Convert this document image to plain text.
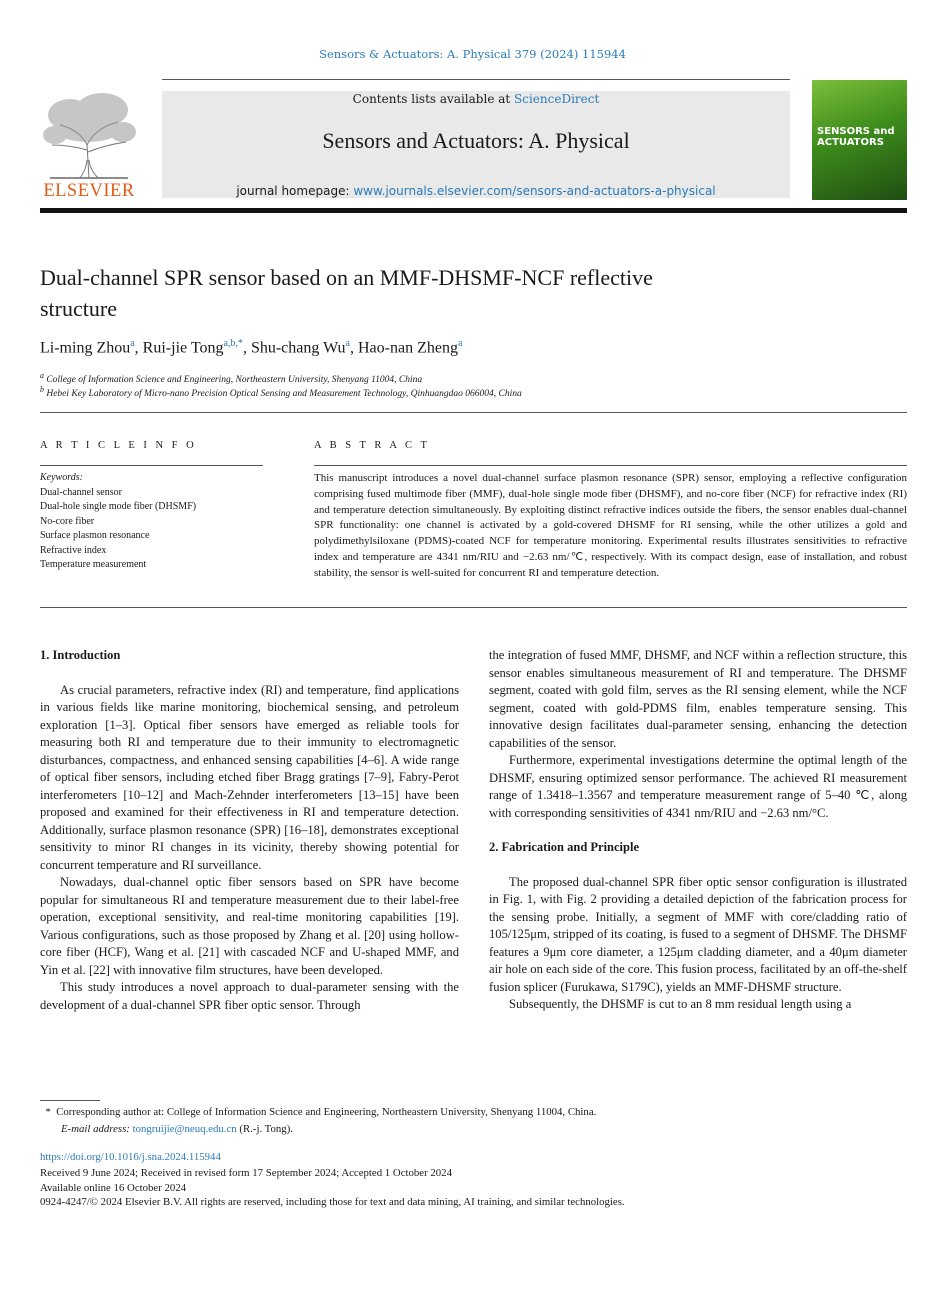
Sensors & Actuators: A. Physical 379 (2024) 115944
Contents lists available at ScienceDirect
Sensors and Actuators: A. Physical
journal homepage: www.journals.elsevier.com/sensors-and-actuators-a-physical
ELSEVIER
SENSORS and ACTUATORS
Dual-channel SPR sensor based on an MMF-DHSMF-NCF reflective structure
Li-ming Zhou$^a$, Rui-jie Tong$^{a,b,*}$, Shu-chang Wu$^a$, Hao-nan Zheng$^a$
$^a$ College of Information Science and Engineering, Northeastern University, Shenyang 11004, China
$^b$ Hebei Key Laboratory of Micro-nano Precision Optical Sensing and Measurement Technology, Qinhuangdao 066004, China
A R T I C L E I N F O	A B S T R A C T
Keywords:
Dual-channel sensor
Dual-hole single mode fiber (DHSMF)
No-core fiber
Surface plasmon resonance
Refractive index
Temperature measurement
This manuscript introduces a novel dual-channel surface plasmon resonance (SPR) sensor, employing a reflective configuration comprising fused multimode fiber (MMF), dual-hole single mode fiber (DHSMF), and no-core fiber (NCF) for refractive index (RI) and temperature detection simultaneously. By exploiting distinct refractive indices outside the fibers, the sensor enables dual-channel SPR functionality: one channel is activated by a gold-covered DHSMF for RI sensing, while the other utilizes a gold and polydimethylsiloxane (PDMS)-coated NCF for temperature monitoring. Experimental results illustrates sensitivities to refractive index and temperature are 4341 nm/RIU and −2.63 nm/℃, respectively. With its compact design, ease of installation, and robust stability, the sensor is well-suited for concurrent RI and temperature detection.
1. Introduction

As crucial parameters, refractive index (RI) and temperature, find applications in various fields like marine monitoring, biochemical sensing, and petroleum exploration [1–3]. Optical fiber sensors have emerged as reliable tools for measuring both RI and temperature due to their immunity to electromagnetic disturbances, compactness, and enhanced sensing capabilities [4–6]. A wide range of optical fiber sensors, including etched fiber Bragg gratings [7–9], Fabry-Perot interferometers [10–12] and Mach-Zehnder interferometers [13–15] have been proposed and examined for their effectiveness in RI and temperature detection. Additionally, surface plasmon resonance (SPR) [16–18], demonstrates exceptional sensitivity to minor RI changes in its vicinity, thereby showing potential for concurrent temperature and RI surveillance.

Nowadays, dual-channel optic fiber sensors based on SPR have become popular for simultaneous RI and temperature measurement due to their label-free operation, exceptional sensitivity, and real-time monitoring capabilities [19]. Various configurations, such as those proposed by Zhang et al. [20] using hollow-core fiber (HCF), Wang et al. [21] with cascaded NCF and U-shaped MMF, and Yin et al. [22] with innovative film structures, have been developed.

This study introduces a novel approach to dual-parameter sensing with the development of a dual-channel SPR fiber optic sensor. Through

the integration of fused MMF, DHSMF, and NCF within a reflection structure, this sensor enables simultaneous measurement of RI and temperature. The DHSMF segment, coated with gold film, serves as the RI sensing element, while the NCF segment, coated with gold-PDMS film, enables temperature sensing. This innovative design facilitates dual-parameter sensing, enhancing the detection capabilities of the sensor.

Furthermore, experimental investigations determine the optimal length of the DHSMF, ensuring optimized sensor performance. The achieved RI measurement range of 1.3418–1.3567 and temperature measurement range of 5–40 ℃, along with corresponding sensitivities of 4341 nm/RIU and −2.63 nm/°C.

2. Fabrication and Principle

The proposed dual-channel SPR fiber optic sensor configuration is illustrated in Fig. 1, with Fig. 2 providing a detailed depiction of the fabrication process for the sensing probe. Initially, a segment of MMF with core/cladding ratio of 105/125μm, stripped of its coating, is fused to a segment of DHSMF. The DHSMF features a 9μm core diameter, a 125μm cladding diameter, and a 40μm diameter air hole on each side of the core. This fusion process, facilitated by an off-the-shelf fusion splicer (Furukawa, S179C), yields an MMF-DHSMF structure.

Subsequently, the DHSMF is cut to an 8 mm residual length using a

*  Corresponding author at: College of Information Science and Engineering, Northeastern University, Shenyang 11004, China.
E-mail address: tongruijie@neuq.edu.cn (R.-j. Tong).
https://doi.org/10.1016/j.sna.2024.115944
Received 9 June 2024; Received in revised form 17 September 2024; Accepted 1 October 2024
Available online 16 October 2024
0924-4247/© 2024 Elsevier B.V. All rights are reserved, including those for text and data mining, AI training, and similar technologies.
